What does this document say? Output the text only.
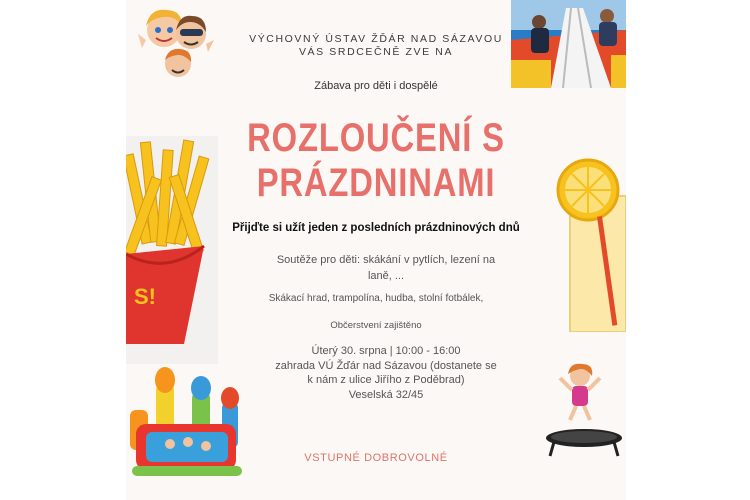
S!
VÝCHOVNÝ ÚSTAV ŽĎÁR NAD SÁZAVOU
VÁS SRDCEČNĚ ZVE NA
Zábava pro děti i dospělé
ROZLOUČENÍ S
PRÁZDNINAMI
Přijďte si užít jeden z posledních prázdninových dnů
Soutěže pro děti: skákání v pytlích, lezení na
laně, ...
Skákací hrad, trampolína, hudba, stolní fotbálek,
Občerstvení zajištěno
Úterý 30. srpna | 10:00 - 16:00
zahrada VÚ Žďár nad Sázavou (dostanete se
k nám z ulice Jiřího z Poděbrad)
Veselská 32/45
VSTUPNÉ DOBROVOLNÉ
